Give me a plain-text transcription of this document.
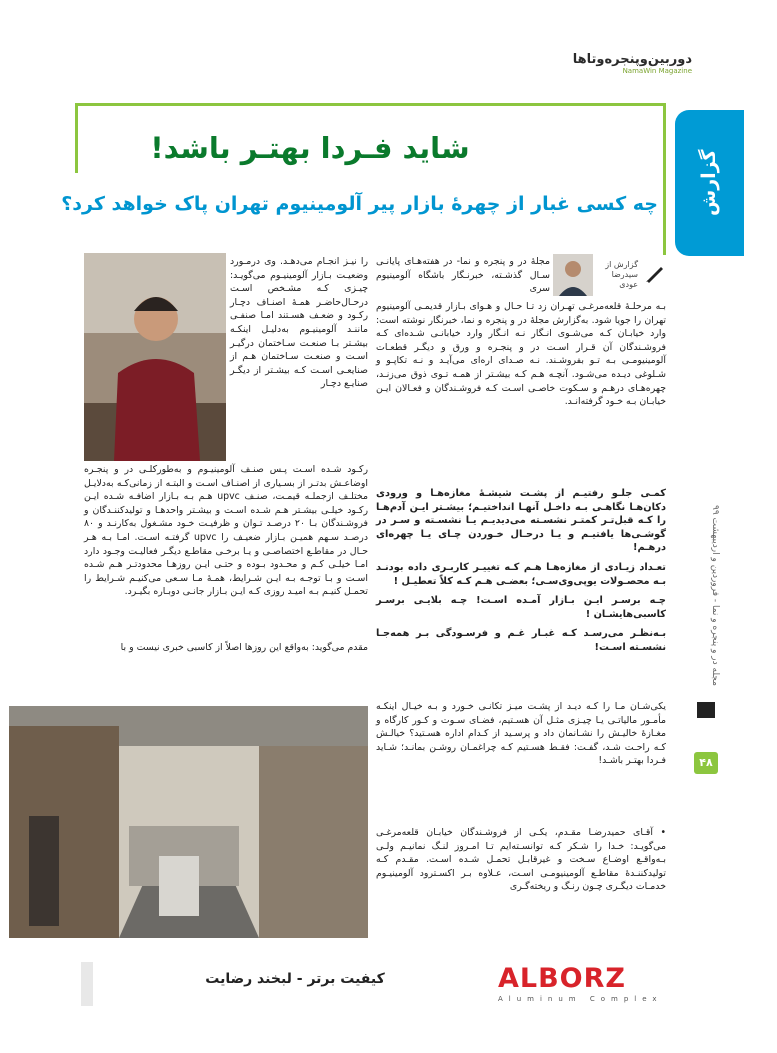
دوربین‌وپنجره‌وتاها
NamaWin Magazine
گزارش داخلی
شاید فـردا بهتـر باشد!
چه کسی غبار از چهرۀ بازار پیر آلومینیوم تهران پاک خواهد کرد؟
گزارش از سیدرضا عودی

مجلۀ در و پنجره و نما- در هفته‌هـای پایانـی سـال گذشـته، خبرنـگار باشگاه آلومینیوم سری

بـه مرحلـۀ قلعه‌مرغـی تهـران زد تـا حـال و هـوای بـازار قدیمـی آلومینیوم تهران را جویا شود. به‌گزارش مجلۀ در و پنجره و نما، خبرنگار نوشته است: وارد خیابـان کـه می‌شـوی انـگار نـه انـگار وارد خیابانـی شـده‌ای کـه فروشـندگان آن قـرار اسـت در و پنجـره و ورق و دیگـر قطعـات آلومینیومـی بـه تـو بفروشـند. نـه صـدای اره‌ای می‌آیـد و نـه تکاپـو و شـلوغی دیـده می‌شـود. آنچـه هـم کـه بیشـتر از همـه تـوی ذوق می‌زنـد، چهره‌هـای درهـم و سـکوت خاصـی اسـت کـه فروشـندگان و فعـالان ایـن خیابـان بـه خـود گرفته‌انـد.

کمـی جلـو رفتیـم از پشـت شیشـۀ مغازه‌هـا و ورودی دکان‌هـا نگاهـی بـه داخـل آنهـا انداختیـم؛ بیشـتر ایـن آدم‌هـا را کـه قبل‌تـر کمتـر نشسـته می‌دیدیـم یـا نشسـته و سـر در گوشـی‌ها یافتیـم و یـا درحـال خـوردن چـای یـا چهره‌ای درهـم!

تعـداد زیـادی از مغازه‌هـا هـم کـه تغییـر کاربـری داده بودنـد بـه محصـولات یوپی‌وی‌سـی؛ بعضـی هـم کـه کلاً تعطیـل !

چـه برسـر ایـن بـازار آمـده اسـت! چـه بلایـی برسـر کاسبی‌هایشـان !

بـه‌نظـر می‌رسـد کـه غبـار غـم و فرسـودگی بـر همه‌جـا نشسـته اسـت!

یکی‌شـان مـا را کـه دیـد از پشـت میـز تکانـی خـورد و بـه خیـال اینکـه مأمـور مالیاتـی یـا چیـزی مثـل آن هسـتیم، فضـای سـوت و کـور کارگاه و مغـازۀ خالیـش را نشـانمان داد و پرسـید از کـدام اداره هسـتید؟ خیالـش کـه راحـت شـد، گفـت: فقـط هسـتیم کـه چراغمـان روشـن بمانـد؛ شـاید فـردا بهتـر باشـد!

• آقـای حمیدرضـا مقـدم، یکـی از فروشـندگان خیابـان قلعه‌مرغـی می‌گویـد: خـدا را شـکر کـه توانسـته‌ایم تـا امـروز لنـگ نمانیـم ولـی بـه‌واقـع اوضـاع سـخت و غیرقابـل تحمـل شـده اسـت. مقـدم کـه تولیدکننـدۀ مقاطـع آلومینیومـی اسـت، عـلاوه بـر اکسـترود آلومینیـوم خدمـات دیگـری چـون رنـگ و ریخته‌گـری

را نیـز انجـام می‌دهـد. وی درمـورد وضعیـت بـازار آلومینیـوم می‌گویـد: چیـزی کـه مشـخص اسـت درحـال‌حاضـر همـۀ اصنـاف دچـار رکـود و ضعـف هسـتند امـا صنفـی ماننـد آلومینیـوم به‌دلیـل اینکـه بیشـتر بـا صنعـت سـاختمان درگیـر اسـت و صنعـت سـاختمان هـم از صنایعـی اسـت کـه بیشـتر از دیگـر صنایـع دچـار

رکـود شـده اسـت پـس صنـف آلومینیـوم و به‌طورکلـی در و پنجـره اوضاعـش بدتـر از بسـیاری از اصنـاف اسـت و البتـه از زمانی‌کـه به‌دلایـل مختلـف ازجملـه قیمـت، صنـف upvc هـم بـه بـازار اضافـه شـده ایـن رکـود خیلـی بیشـتر هـم شـده اسـت و بیشـتر واحدهـا و تولیدکننـدگان و فروشـندگان بـا ۲۰ درصـد تـوان و ظرفیـت خـود مشـغول به‌کارنـد و ۸۰ درصـد سـهم همیـن بـازار ضعیـف را upvc گرفتـه اسـت. امـا بـه هـر حـال در مقاطـع اختصاصـی و یـا برخـی مقاطـع دیگـر فعالیـت وجـود دارد امـا خیلـی کـم و محـدود بـوده و حتـی ایـن روزهـا محدودتـر هـم شـده اسـت و بـا توجـه بـه ایـن شـرایط، همـۀ مـا سـعی می‌کنیـم شـرایط را تحمـل کنیـم بـه امیـد روزی کـه ایـن بـازار جانـی دوبـاره بگیـرد.

مقدم می‌گوید: به‌واقع این روزها اصلاً از کاسبی خبری نیست و با

مجله در و پنجره و نما - فروردین و اردیبهشت ۹۹
۴۸
کیفیت برتر - لبخند رضایت	ALBORZ
Aluminum Complex
